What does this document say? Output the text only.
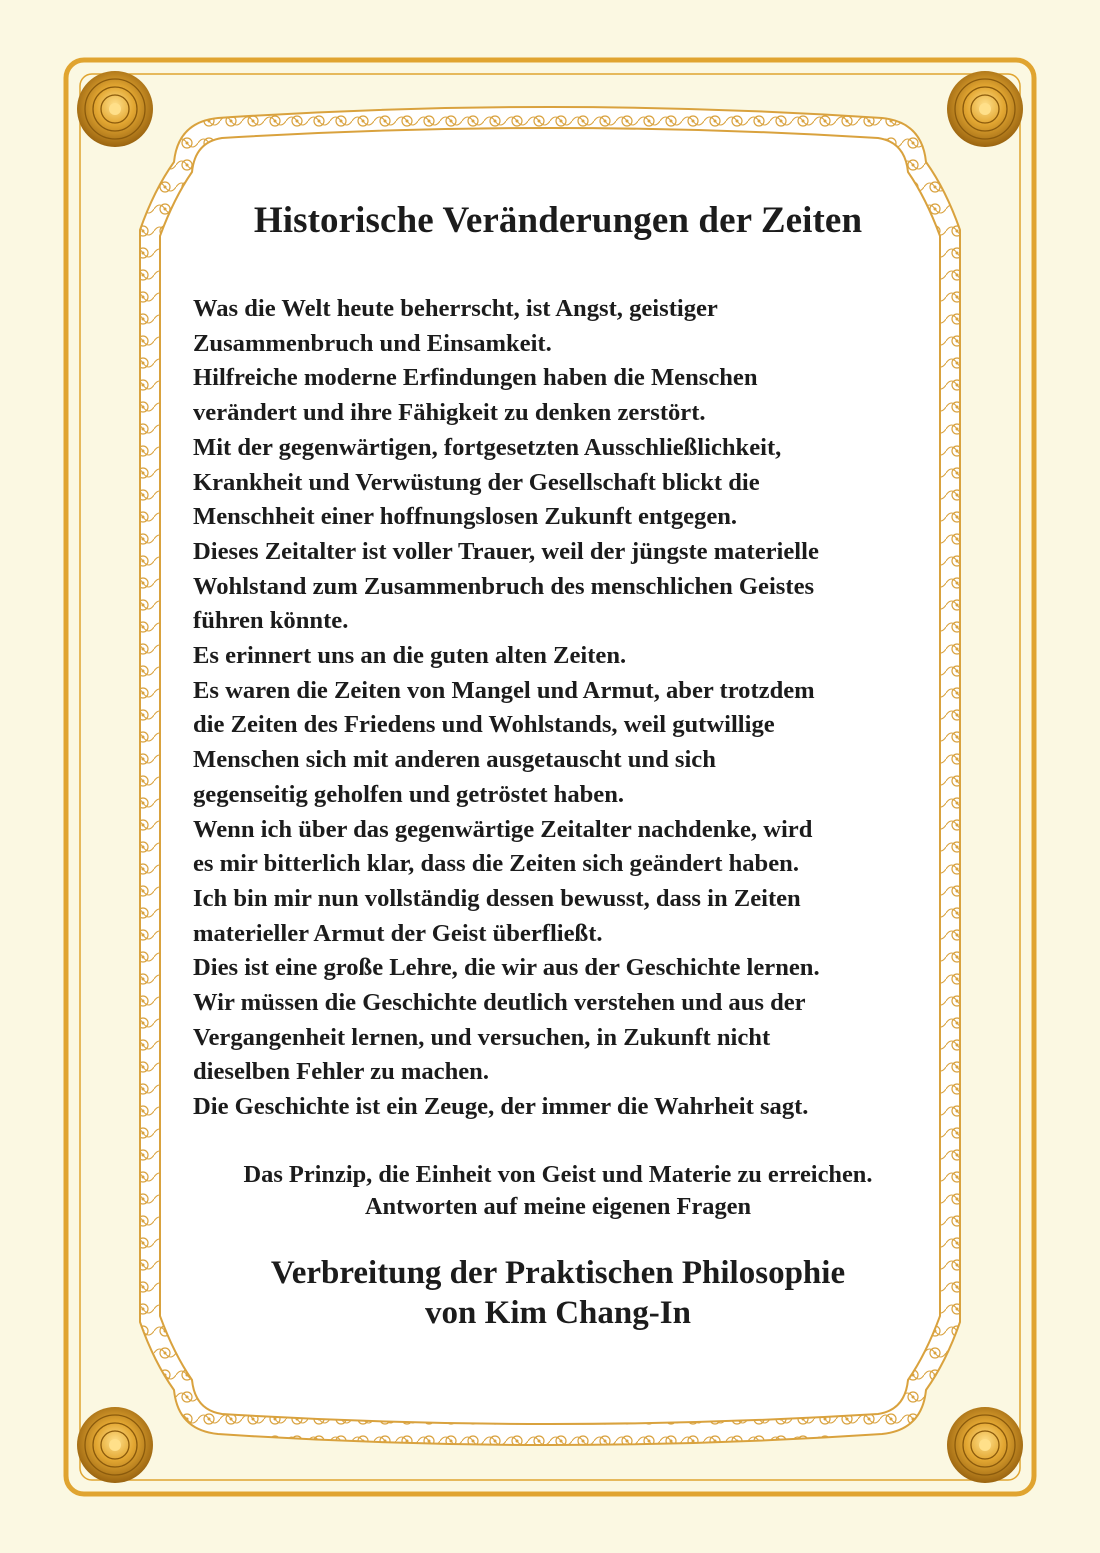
Historische Veränderungen der Zeiten

Was die Welt heute beherrscht, ist Angst, geistiger

Zusammenbruch und Einsamkeit.

Hilfreiche moderne Erfindungen haben die Menschen

verändert und ihre Fähigkeit zu denken zerstört.

Mit der gegenwärtigen, fortgesetzten Ausschließlichkeit,

Krankheit und Verwüstung der Gesellschaft blickt die

Menschheit einer hoffnungslosen Zukunft entgegen.

Dieses Zeitalter ist voller Trauer, weil der jüngste materielle

Wohlstand zum Zusammenbruch des menschlichen Geistes

führen könnte.

Es erinnert uns an die guten alten Zeiten.

Es waren die Zeiten von Mangel und Armut, aber trotzdem

die Zeiten des Friedens und Wohlstands, weil gutwillige

Menschen sich mit anderen ausgetauscht und sich

gegenseitig geholfen und getröstet haben.

Wenn ich über das gegenwärtige Zeitalter nachdenke, wird

es mir bitterlich klar, dass die Zeiten sich geändert haben.

Ich bin mir nun vollständig dessen bewusst, dass in Zeiten

materieller Armut der Geist überfließt.

Dies ist eine große Lehre, die wir aus der Geschichte lernen.

Wir müssen die Geschichte deutlich verstehen und aus der

Vergangenheit lernen, und versuchen, in Zukunft nicht

dieselben Fehler zu machen.

Die Geschichte ist ein Zeuge, der immer die Wahrheit sagt.

Das Prinzip, die Einheit von Geist und Materie zu erreichen.
Antworten auf meine eigenen Fragen
Verbreitung der Praktischen Philosophie
von Kim Chang-In
